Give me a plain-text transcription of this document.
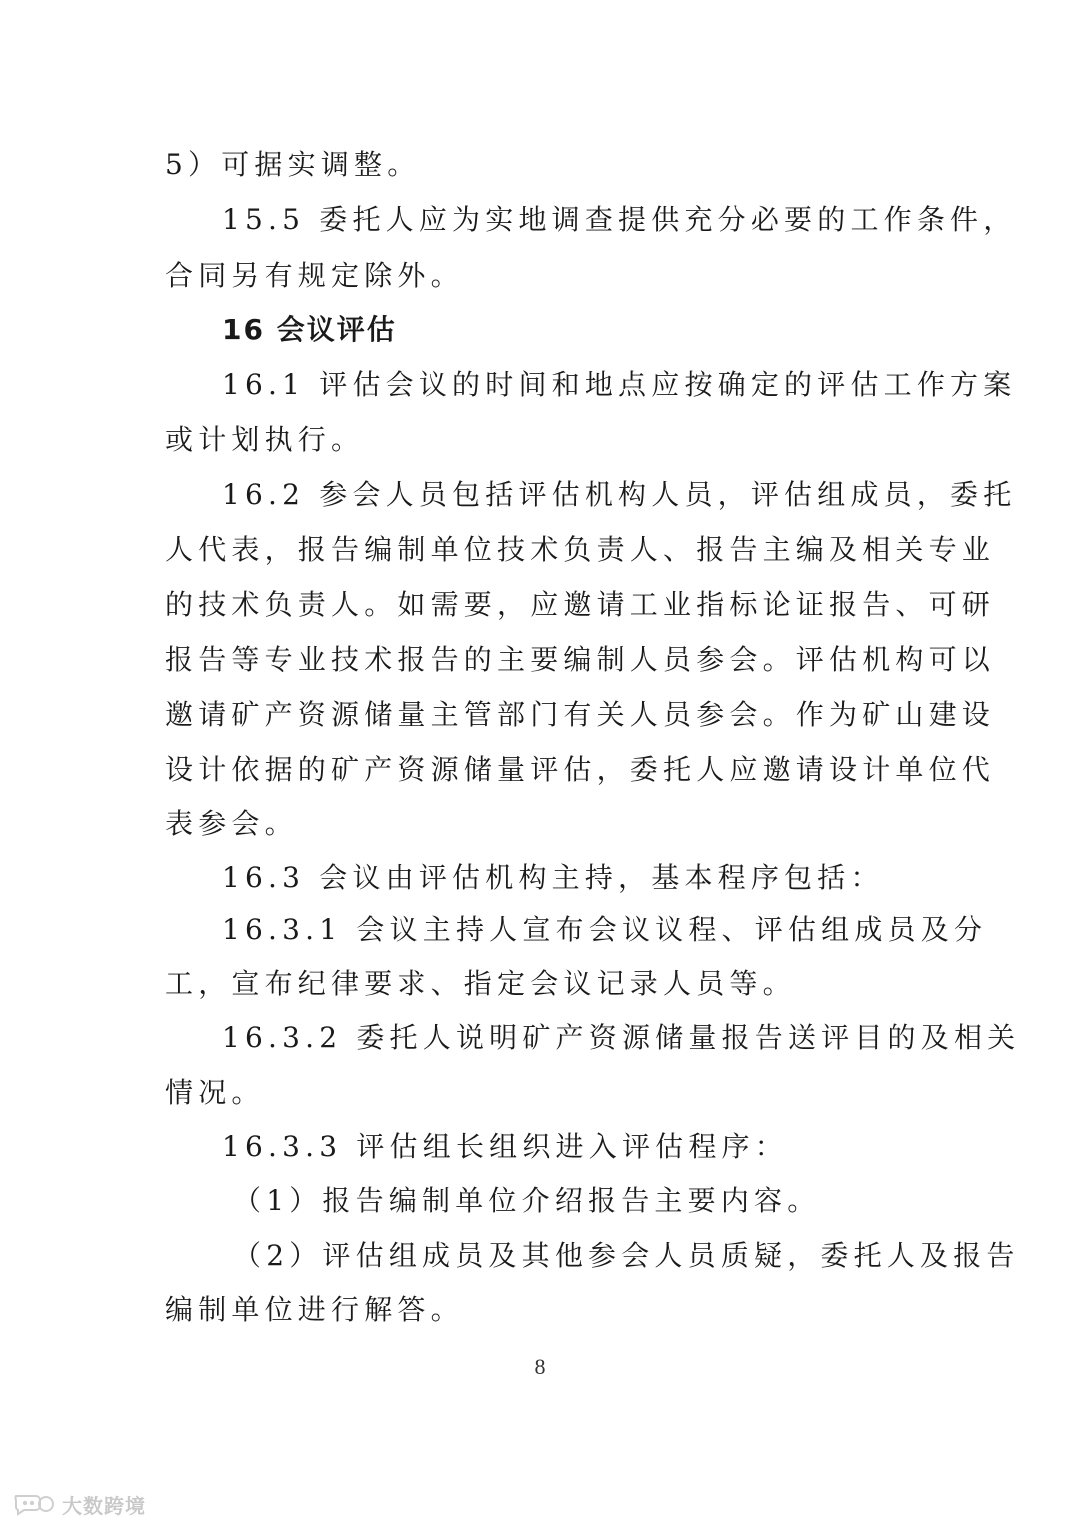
5）可据实调整。
15.5 委托人应为实地调查提供充分必要的工作条件，
合同另有规定除外。
16 会议评估
16.1 评估会议的时间和地点应按确定的评估工作方案
或计划执行。
16.2 参会人员包括评估机构人员，评估组成员，委托
人代表，报告编制单位技术负责人、报告主编及相关专业
的技术负责人。如需要，应邀请工业指标论证报告、可研
报告等专业技术报告的主要编制人员参会。评估机构可以
邀请矿产资源储量主管部门有关人员参会。作为矿山建设
设计依据的矿产资源储量评估，委托人应邀请设计单位代
表参会。
16.3 会议由评估机构主持，基本程序包括：
16.3.1 会议主持人宣布会议议程、评估组成员及分
工，宣布纪律要求、指定会议记录人员等。
16.3.2 委托人说明矿产资源储量报告送评目的及相关
情况。
16.3.3 评估组长组织进入评估程序：
（1）报告编制单位介绍报告主要内容。
（2）评估组成员及其他参会人员质疑，委托人及报告
编制单位进行解答。
8
大数跨境
